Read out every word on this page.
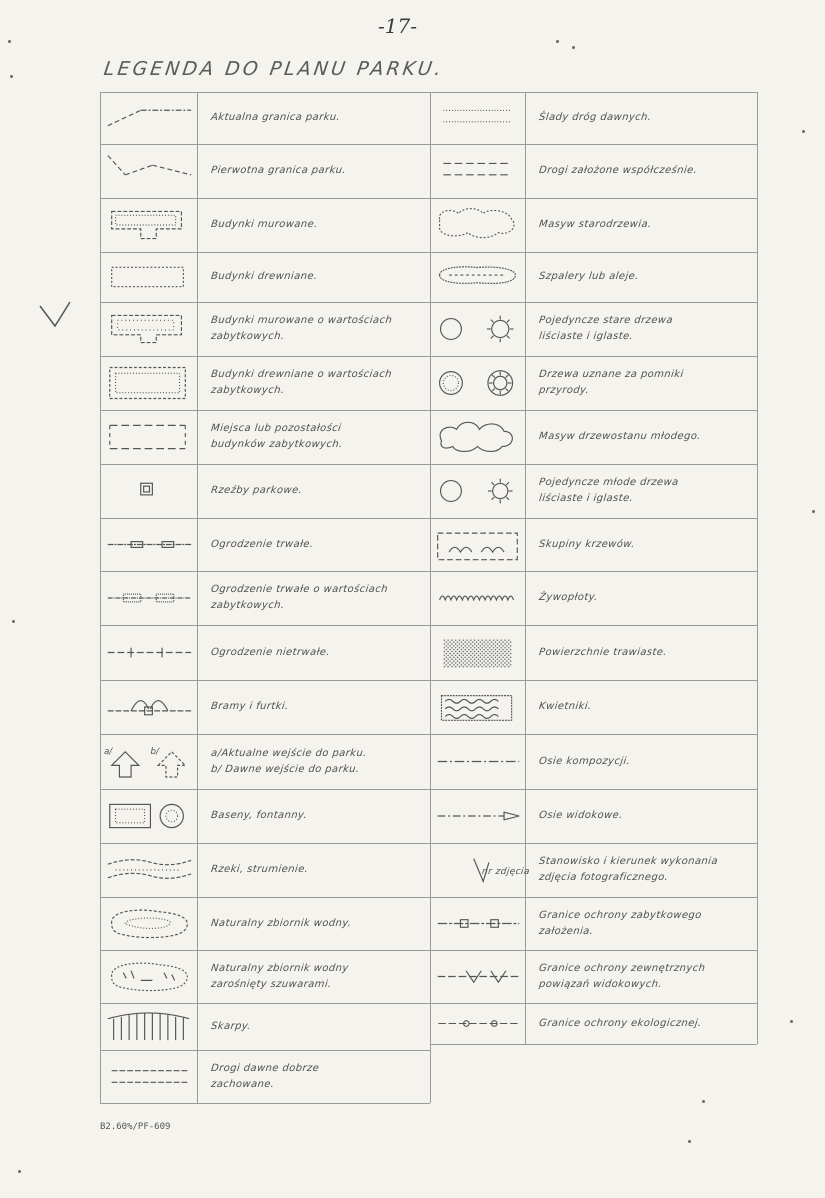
-17-
LEGENDA DO PLANU PARKU.
Aktualna granica parku.
Pierwotna granica parku.
Budynki murowane.
Budynki drewniane.
Budynki murowane o wartościach
zabytkowych.
Budynki drewniane o wartościach
zabytkowych.
Miejsca lub pozostałości
budynków zabytkowych.
Rzeźby parkowe.
Ogrodzenie trwałe.
Ogrodzenie trwałe o wartościach
zabytkowych.
Ogrodzenie nietrwałe.
Bramy i furtki.
a/	b/	a/Aktualne wejście do parku.
b/ Dawne wejście do parku.
Baseny, fontanny.
Rzeki, strumienie.
Naturalny zbiornik wodny.
Naturalny zbiornik wodny
zarośnięty szuwarami.
Skarpy.
Drogi dawne dobrze
zachowane.
Ślady dróg dawnych.
Drogi założone współcześnie.
Masyw starodrzewia.
Szpalery lub aleje.
Pojedyncze stare drzewa
liściaste i iglaste.
Drzewa uznane za pomniki
przyrody.
Masyw drzewostanu młodego.
Pojedyncze młode drzewa
liściaste i iglaste.
Skupiny krzewów.
Żywopłoty.
Powierzchnie trawiaste.
Kwietniki.
Osie kompozycji.
Osie widokowe.
nr zdjęcia
Stanowisko i kierunek wykonania
zdjęcia fotograficznego.
Granice ochrony zabytkowego
założenia.
Granice ochrony zewnętrznych
powiązań widokowych.
Granice ochrony ekologicznej.
B2.60%/PF-609
